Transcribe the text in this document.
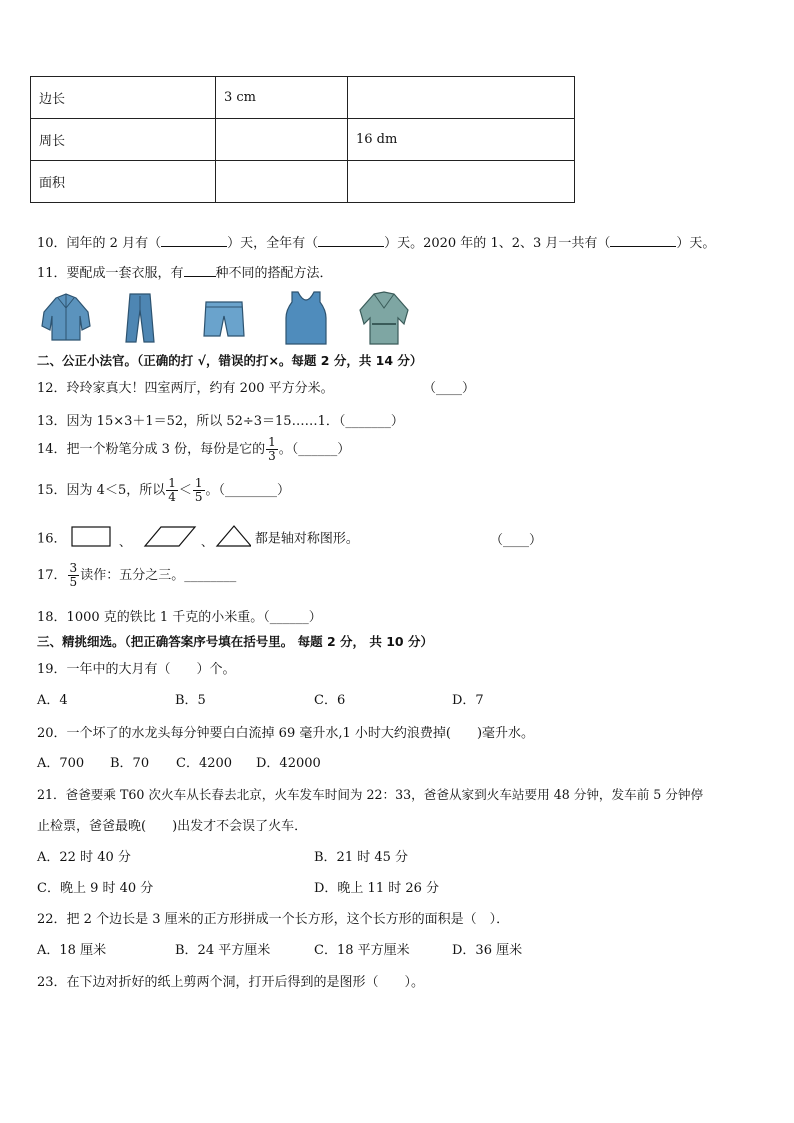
边长	3 cm	
周长		16 dm
面积		
10．闰年的 2 月有（	）天，全年有（	）天。2020 年的 1、2、3 月一共有（	）天。
11．要配成一套衣服，有 种不同的搭配方法．
二、公正小法官。（正确的打 √，错误的打×。每题 2 分，共 14 分）
12．玲玲家真大！四室两厅，约有 200 平方分米。	（____）
13．因为 15×3＋1＝52，所以 52÷3＝15……1．（_______）
14．把一个粉笔分成 3 份，每份是它的 $\frac{1}{3}$ 。（______）
15．因为 4＜5，所以 $\frac{1}{4} < \frac{1}{5}$ 。（________）
16．	、	、	都是轴对称图形。	（____）
17． $\frac{3}{5}$ 读作：五分之三。________
18．1000 克的铁比 1 千克的小米重。（______）
三、精挑细选。（把正确答案序号填在括号里。 每题 2 分， 共 10 分）
19．一年中的大月有（　　）个。
A．4	B．5	C．6	D．7
20．一个坏了的水龙头每分钟要白白流掉 69 毫升水,1 小时大约浪费掉(　　)毫升水。
A．700 B．70 C．4200 D．42000
21．爸爸要乘 T60 次火车从长春去北京，火车发车时间为 22：33，爸爸从家到火车站要用 48 分钟，发车前 5 分钟停
止检票，爸爸最晚(　　)出发才不会误了火车．
A．22 时 40 分	B．21 时 45 分
C．晚上 9 时 40 分	D．晚上 11 时 26 分
22．把 2 个边长是 3 厘米的正方形拼成一个长方形，这个长方形的面积是（　）．
A．18 厘米	B．24 平方厘米	C．18 平方厘米	D．36 厘米
23．在下边对折好的纸上剪两个洞，打开后得到的是图形（　　）。
